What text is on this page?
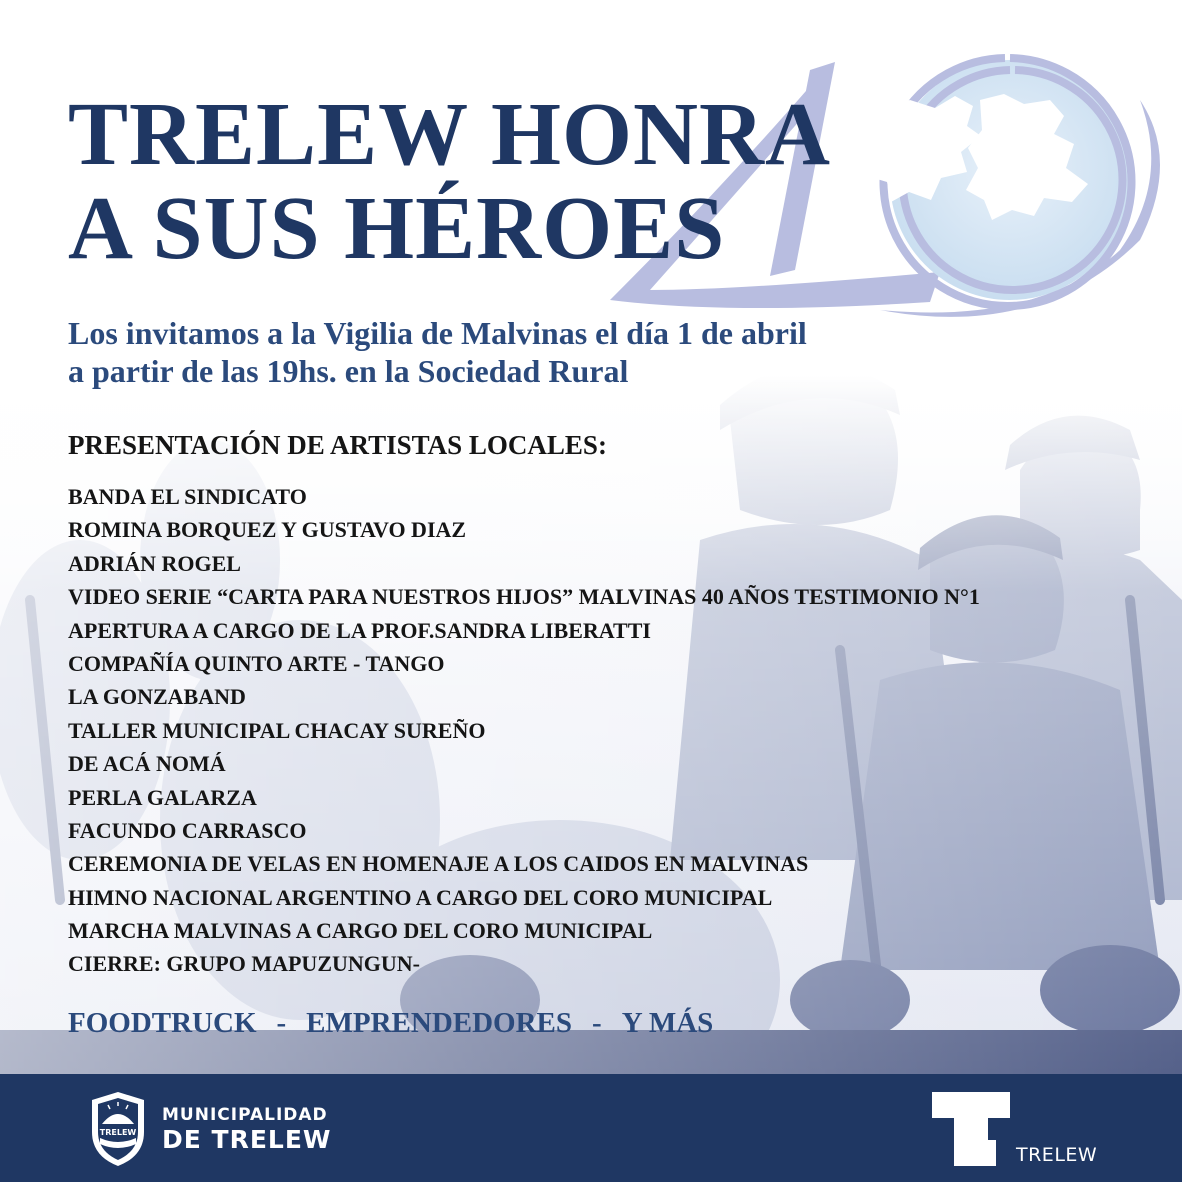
TRELEW HONRA
A SUS HÉROES

Los invitamos a la Vigilia de Malvinas el día 1 de abril
a partir de las 19hs. en la Sociedad Rural

PRESENTACIÓN DE ARTISTAS LOCALES:
BANDA EL SINDICATO
ROMINA BORQUEZ Y GUSTAVO DIAZ
ADRIÁN ROGEL
VIDEO SERIE “CARTA PARA NUESTROS HIJOS” MALVINAS 40 AÑOS TESTIMONIO N°1
APERTURA A CARGO DE LA PROF.SANDRA LIBERATTI
COMPAÑÍA QUINTO ARTE - TANGO
LA GONZABAND
TALLER MUNICIPAL CHACAY SUREÑO
DE ACÁ NOMÁ
PERLA GALARZA
FACUNDO CARRASCO
CEREMONIA DE VELAS EN HOMENAJE A LOS CAIDOS EN MALVINAS
HIMNO NACIONAL ARGENTINO A CARGO DEL CORO MUNICIPAL
MARCHA MALVINAS A CARGO DEL CORO MUNICIPAL
CIERRE: GRUPO MAPUZUNGUN-

FOODTRUCK - EMPRENDEDORES - Y MÁS

TRELEW
MUNICIPALIDAD
DE TRELEW
TRELEW
